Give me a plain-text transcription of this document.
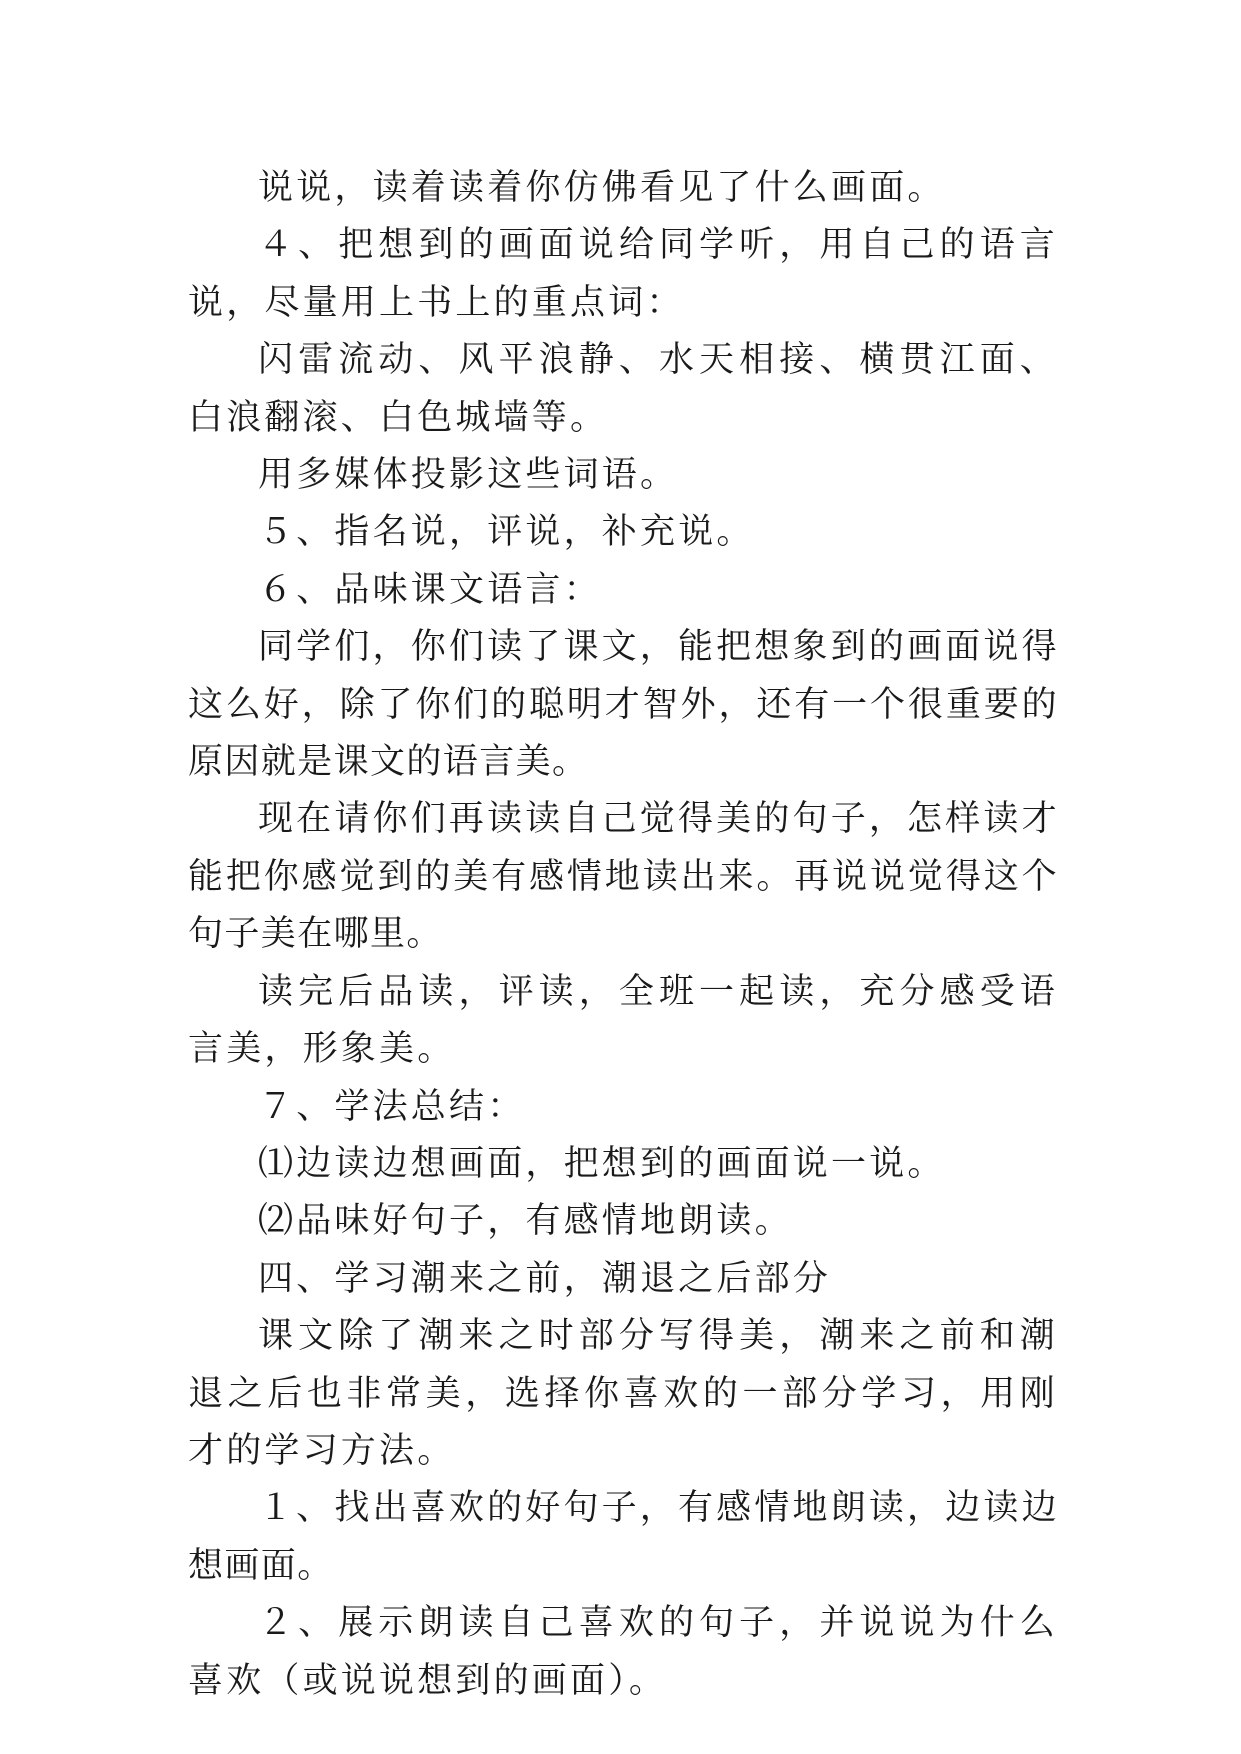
说说，读着读着你仿佛看见了什么画面。

４、把想到的画面说给同学听，用自己的语言说，尽量用上书上的重点词：

闪雷流动、风平浪静、水天相接、横贯江面、白浪翻滚、白色城墙等。

用多媒体投影这些词语。

５、指名说，评说，补充说。

６、品味课文语言：

同学们，你们读了课文，能把想象到的画面说得这么好，除了你们的聪明才智外，还有一个很重要的原因就是课文的语言美。

现在请你们再读读自己觉得美的句子，怎样读才能把你感觉到的美有感情地读出来。再说说觉得这个句子美在哪里。

读完后品读，评读，全班一起读，充分感受语言美，形象美。

７、学法总结：

⑴边读边想画面，把想到的画面说一说。

⑵品味好句子，有感情地朗读。

四、学习潮来之前，潮退之后部分

课文除了潮来之时部分写得美，潮来之前和潮退之后也非常美，选择你喜欢的一部分学习，用刚才的学习方法。

１、找出喜欢的好句子，有感情地朗读，边读边想画面。

２、展示朗读自己喜欢的句子，并说说为什么喜欢（或说说想到的画面）。
